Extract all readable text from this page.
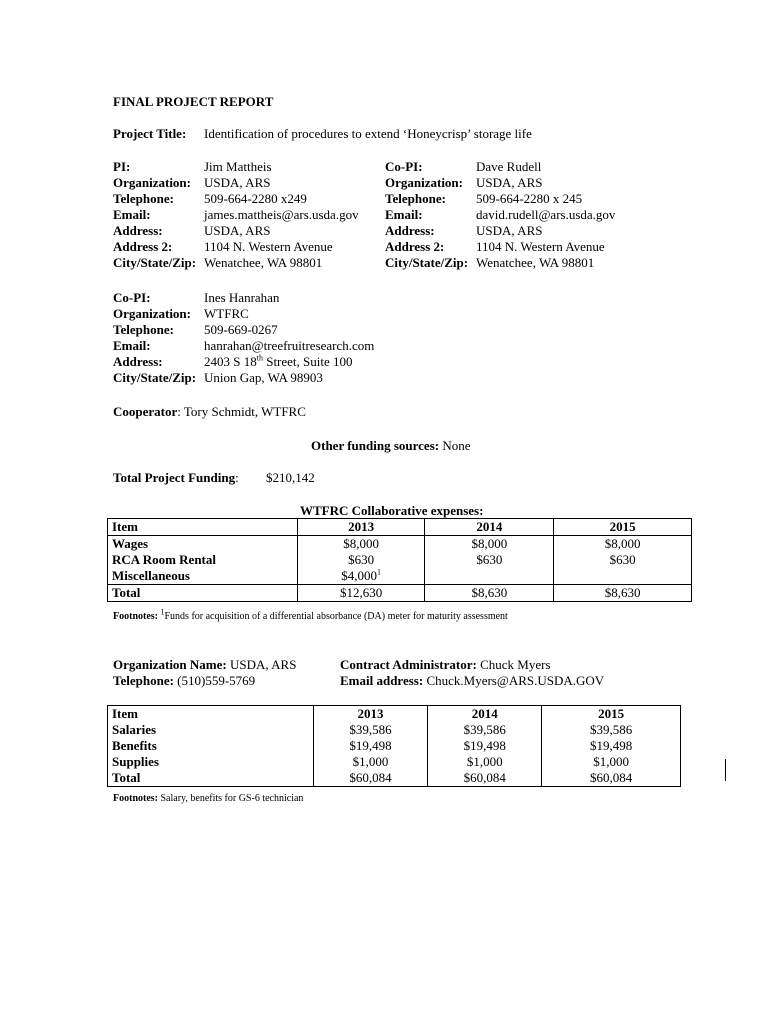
FINAL PROJECT REPORT
Project Title: Identification of procedures to extend ‘Honeycrisp’ storage life
PI:	Jim Mattheis
Organization: USDA, ARS
Telephone: 509-664-2280 x249
Email:	james.mattheis@ars.usda.gov
Address:	USDA, ARS
Address 2: 1104 N. Western Avenue
City/State/Zip: Wenatchee, WA 98801
Co-PI:	Dave Rudell
Organization: USDA, ARS
Telephone: 509-664-2280 x 245
Email:	david.rudell@ars.usda.gov
Address:	USDA, ARS
Address 2: 1104 N. Western Avenue
City/State/Zip: Wenatchee, WA 98801
Co-PI:	Ines Hanrahan
Organization: WTFRC
Telephone: 509-669-0267
Email:	hanrahan@treefruitresearch.com
Address:	2403 S 18th Street, Suite 100
City/State/Zip: Union Gap, WA 98903
Cooperator: Tory Schmidt, WTFRC
Other funding sources: None
Total Project Funding: $210,142
WTFRC Collaborative expenses:
Item	2013	2014	2015
Wages	$8,000	$8,000	$8,000
RCA Room Rental	$630	$630	$630
Miscellaneous	$4,000$^1$		
Total	$12,630	$8,630	$8,630
Footnotes: $^1$Funds for acquisition of a differential absorbance (DA) meter for maturity assessment
Organization Name: USDA, ARS
Telephone: (510)559-5769
Contract Administrator: Chuck Myers
Email address: Chuck.Myers@ARS.USDA.GOV
Item	2013	2014	2015
Salaries	$39,586	$39,586	$39,586
Benefits	$19,498	$19,498	$19,498
Supplies	$1,000	$1,000	$1,000
Total	$60,084	$60,084	$60,084
Footnotes: Salary, benefits for GS-6 technician
